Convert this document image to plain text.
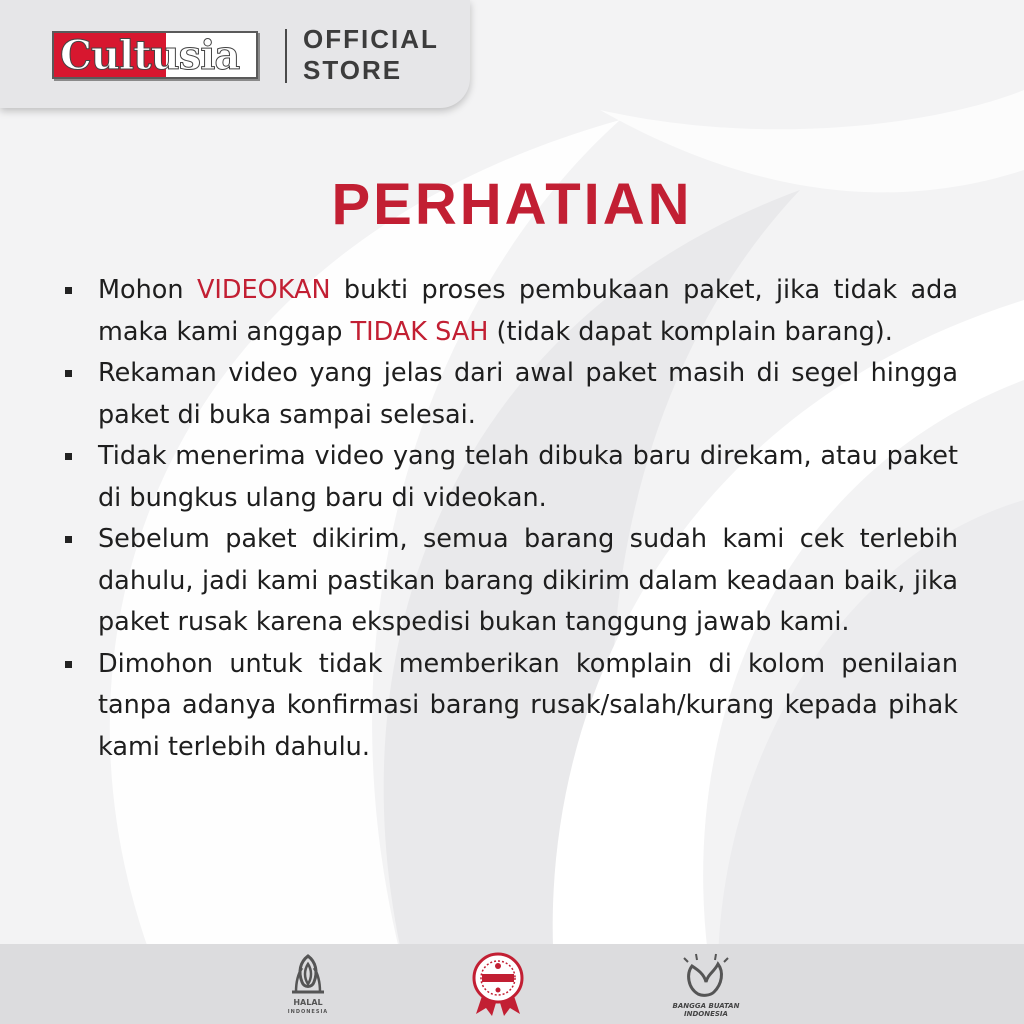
Cultusia OFFICIAL
STORE
PERHATIAN
Mohon VIDEOKAN bukti proses pembukaan paket, jika tidak ada maka kami anggap TIDAK SAH (tidak dapat komplain barang).
Rekaman video yang jelas dari awal paket masih di segel hingga paket di buka sampai selesai.
Tidak menerima video yang telah dibuka baru direkam, atau paket di bungkus ulang baru di videokan.
Sebelum paket dikirim, semua barang sudah kami cek terlebih dahulu, jadi kami pastikan barang dikirim dalam keadaan baik, jika paket rusak karena ekspedisi bukan tanggung jawab kami.
Dimohon untuk tidak memberikan komplain di kolom penilaian tanpa adanya konfirmasi barang rusak/salah/kurang kepada pihak kami terlebih dahulu.
HALAL
INDONESIA
BANGGA BUATAN
INDONESIA
